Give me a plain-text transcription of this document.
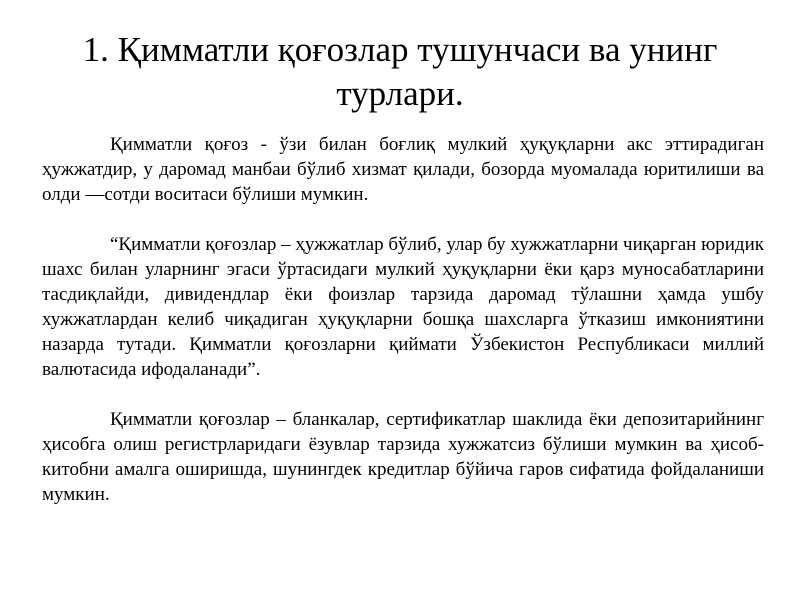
1. Қимматли қоғозлар тушунчаси ва унинг турлари.

Қимматли қоғоз - ўзи билан боғлиқ мулкий ҳуқуқларни акс эттирадиган ҳужжатдир, у даромад манбаи бўлиб хизмат қилади, бозорда муомалада юритилиши ва олди —сотди воситаси бўлиши мумкин.

“Қимматли қоғозлар – ҳужжатлар бўлиб, улар бу хужжатларни чиқарган юридик шахс билан уларнинг эгаси ўртасидаги мулкий ҳуқуқларни ёки қарз муносабатларини тасдиқлайди, дивидендлар ёки фоизлар тарзида даромад тўлашни ҳамда ушбу хужжатлардан келиб чиқадиган ҳуқуқларни бошқа шахсларга ўтказиш имкониятини назарда тутади. Қимматли қоғозларни қиймати Ўзбекистон Республикаси миллий валютасида ифодаланади”.

Қимматли қоғозлар – бланкалар, сертификатлар шаклида ёки депозитарийнинг ҳисобга олиш регистрларидаги ёзувлар тарзида хужжатсиз бўлиши мумкин ва ҳисоб-китобни амалга оширишда, шунингдек кредитлар бўйича гаров сифатида фойдаланиши мумкин.
